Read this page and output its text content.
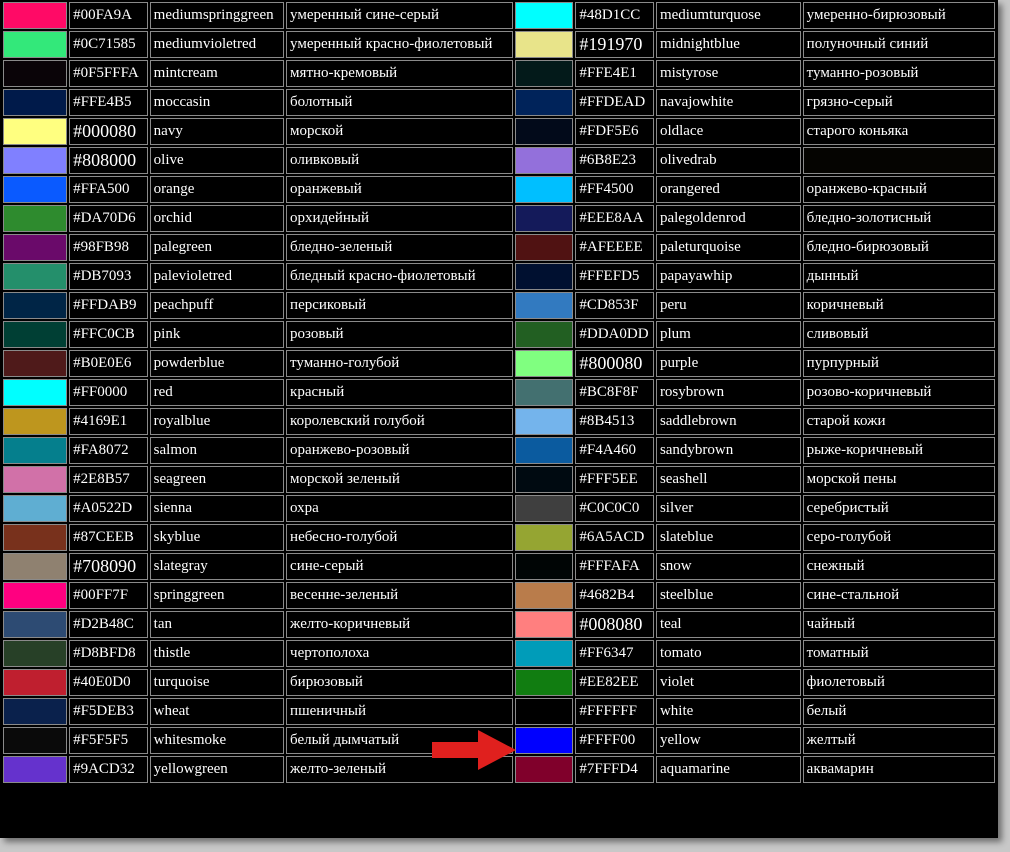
	#00FA9A	mediumspringgreen	умеренный сине-серый		#48D1CC	mediumturquose	умеренно-бирюзовый
	#0C71585	mediumvioletred	умеренный красно-фиолетовый		#191970	midnightblue	полуночный синий
	#0F5FFFA	mintcream	мятно-кремовый		#FFE4E1	mistyrose	туманно-розовый
	#FFE4B5	moccasin	болотный		#FFDEAD	navajowhite	грязно-серый
	#000080	navy	морской		#FDF5E6	oldlace	старого коньяка
	#808000	olive	оливковый		#6B8E23	olivedrab	
	#FFA500	orange	оранжевый		#FF4500	orangered	оранжево-красный
	#DA70D6	orchid	орхидейный		#EEE8AA	palegoldenrod	бледно-золотисный
	#98FB98	palegreen	бледно-зеленый		#AFEEEE	paleturquoise	бледно-бирюзовый
	#DB7093	palevioletred	бледный красно-фиолетовый		#FFEFD5	papayawhip	дынный
	#FFDAB9	peachpuff	персиковый		#CD853F	peru	коричневый
	#FFC0CB	pink	розовый		#DDA0DD	plum	сливовый
	#B0E0E6	powderblue	туманно-голубой		#800080	purple	пурпурный
	#FF0000	red	красный		#BC8F8F	rosybrown	розово-коричневый
	#4169E1	royalblue	королевский голубой		#8B4513	saddlebrown	старой кожи
	#FA8072	salmon	оранжево-розовый		#F4A460	sandybrown	рыже-коричневый
	#2E8B57	seagreen	морской зеленый		#FFF5EE	seashell	морской пены
	#A0522D	sienna	охра		#C0C0C0	silver	серебристый
	#87CEEB	skyblue	небесно-голубой		#6A5ACD	slateblue	серо-голубой
	#708090	slategray	сине-серый		#FFFAFA	snow	снежный
	#00FF7F	springgreen	весенне-зеленый		#4682B4	steelblue	сине-стальной
	#D2B48C	tan	желто-коричневый		#008080	teal	чайный
	#D8BFD8	thistle	чертополоха		#FF6347	tomato	томатный
	#40E0D0	turquoise	бирюзовый		#EE82EE	violet	фиолетовый
	#F5DEB3	wheat	пшеничный		#FFFFFF	white	белый
	#F5F5F5	whitesmoke	белый дымчатый		#FFFF00	yellow	желтый
	#9ACD32	yellowgreen	желто-зеленый		#7FFFD4	aquamarine	аквамарин
